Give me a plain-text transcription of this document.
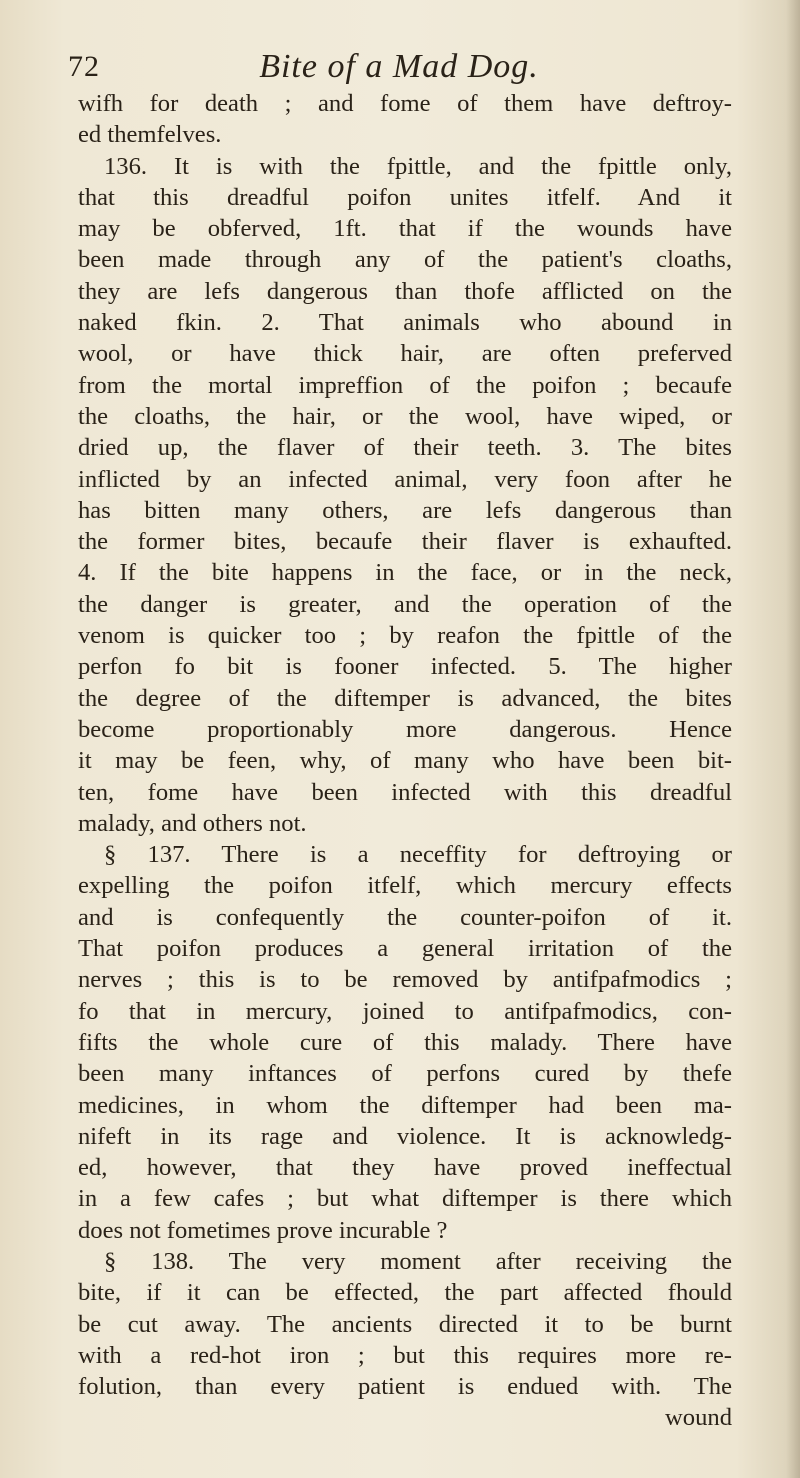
72	Bite of a Mad Dog.
wifh for death ; and fome of them have deftroy-
ed themfelves.
136. It is with the fpittle, and the fpittle only,
that this dreadful poifon unites itfelf. And it
may be obferved, 1ft. that if the wounds have
been made through any of the patient's cloaths,
they are lefs dangerous than thofe afflicted on the
naked fkin. 2. That animals who abound in
wool, or have thick hair, are often preferved
from the mortal impreffion of the poifon ; becaufe
the cloaths, the hair, or the wool, have wiped, or
dried up, the flaver of their teeth. 3. The bites
inflicted by an infected animal, very foon after he
has bitten many others, are lefs dangerous than
the former bites, becaufe their flaver is exhaufted.
4. If the bite happens in the face, or in the neck,
the danger is greater, and the operation of the
venom is quicker too ; by reafon the fpittle of the
perfon fo bit is fooner infected. 5. The higher
the degree of the diftemper is advanced, the bites
become proportionably more dangerous. Hence
it may be feen, why, of many who have been bit-
ten, fome have been infected with this dreadful
malady, and others not.
§ 137. There is a neceffity for deftroying or
expelling the poifon itfelf, which mercury effects
and is confequently the counter-poifon of it.
That poifon produces a general irritation of the
nerves ; this is to be removed by antifpafmodics ;
fo that in mercury, joined to antifpafmodics, con-
fifts the whole cure of this malady. There have
been many inftances of perfons cured by thefe
medicines, in whom the diftemper had been ma-
nifeft in its rage and violence. It is acknowledg-
ed, however, that they have proved ineffectual
in a few cafes ; but what diftemper is there which
does not fometimes prove incurable ?
§ 138. The very moment after receiving the
bite, if it can be effected, the part affected fhould
be cut away. The ancients directed it to be burnt
with a red-hot iron ; but this requires more re-
folution, than every patient is endued with. The
wound
